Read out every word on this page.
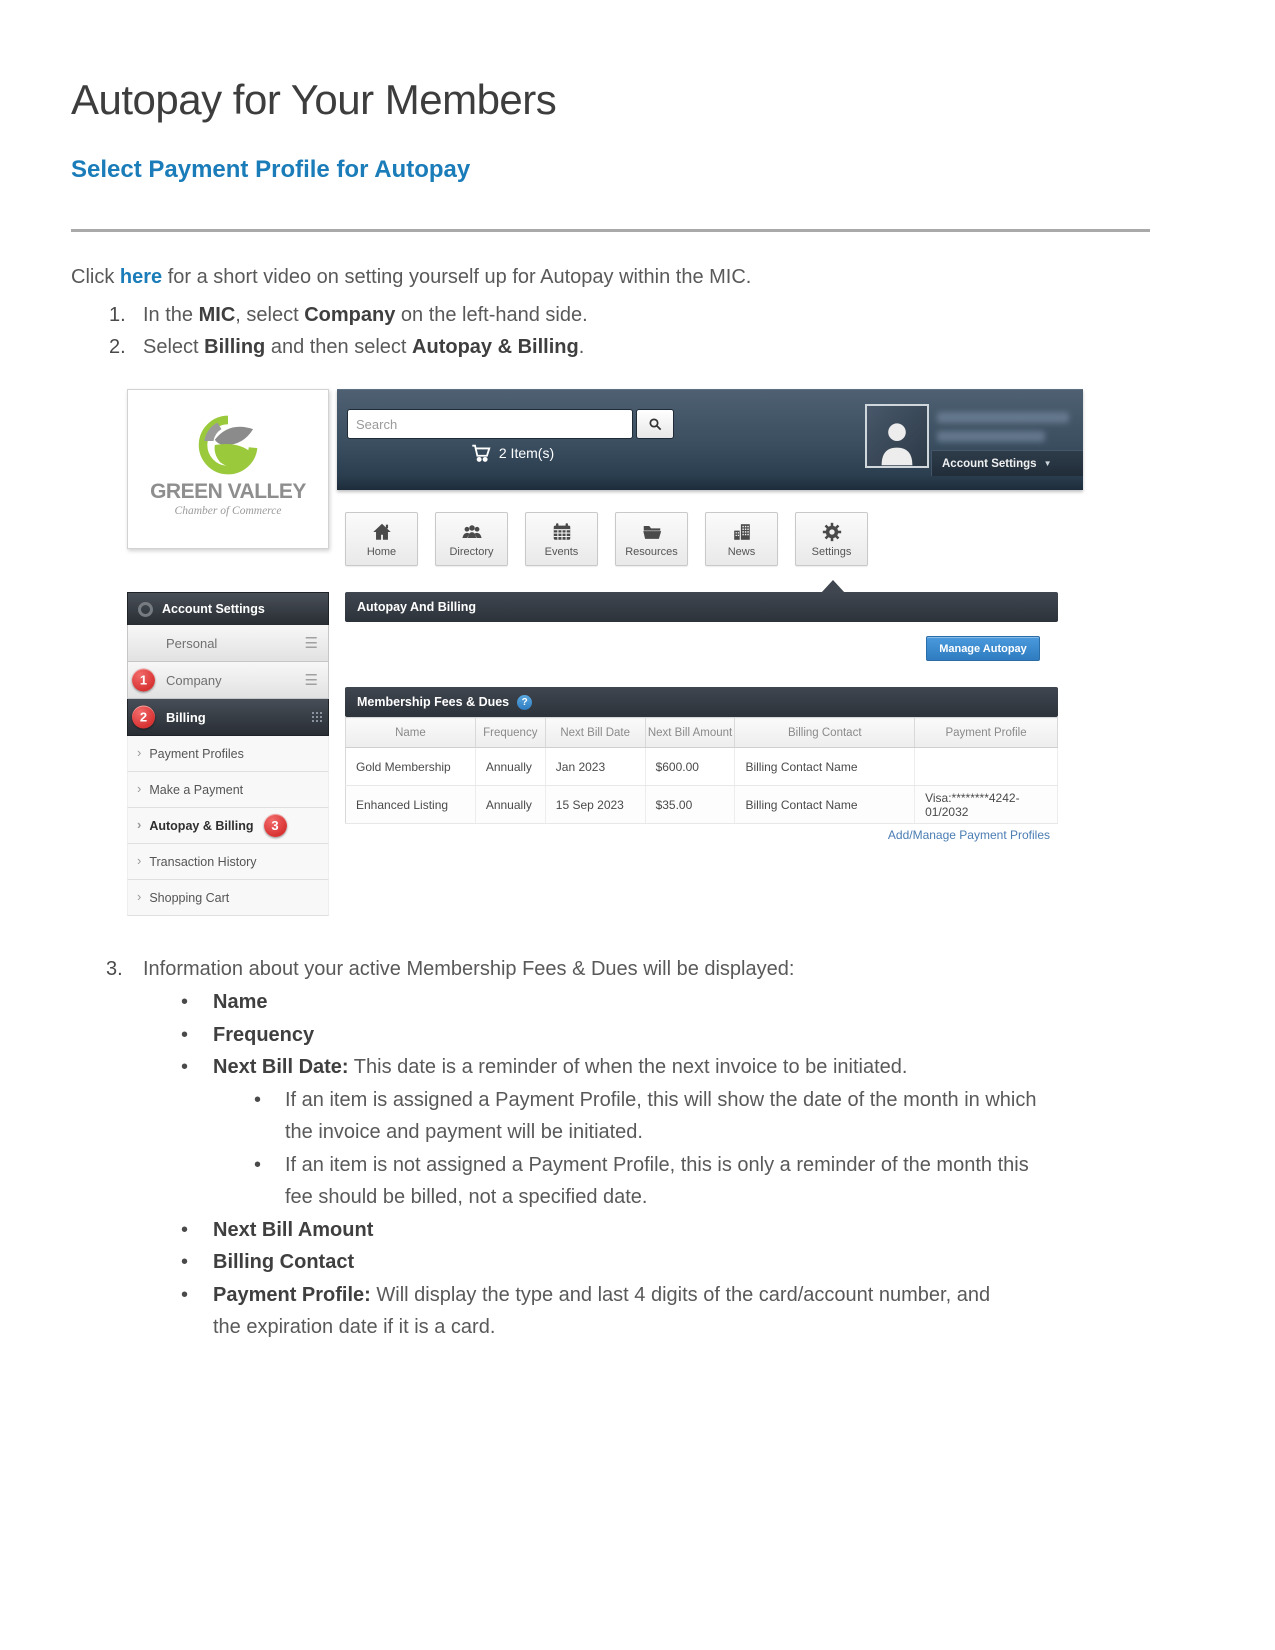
Autopay for Your Members
Select Payment Profile for Autopay

Click here for a short video on setting yourself up for Autopay within the MIC.

1. In the MIC, select Company on the left-hand side.
2. Select Billing and then select Autopay & Billing.
GREEN VALLEY
Chamber of Commerce
Search
2 Item(s)
Account Settings ▼
Home	Directory	Events	Resources	News	Settings
Account Settings
Personal	☰
1	Company	☰
2	Billing
› Payment Profiles
› Make a Payment
› Autopay & Billing	3
› Transaction History
› Shopping Cart
Autopay And Billing
Manage Autopay
Membership Fees & Dues	?
Name	Frequency	Next Bill Date	Next Bill Amount	Billing Contact	Payment Profile
Gold Membership	Annually	Jan 2023	$600.00	Billing Contact Name	
Enhanced Listing	Annually	15 Sep 2023	$35.00	Billing Contact Name	Visa:********4242-01/2032
Add/Manage Payment Profiles
3. Information about your active Membership Fees & Dues will be displayed:
• Name
• Frequency
• Next Bill Date: This date is a reminder of when the next invoice to be initiated.
• If an item is assigned a Payment Profile, this will show the date of the month in which the invoice and payment will be initiated.
• If an item is not assigned a Payment Profile, this is only a reminder of the month this fee should be billed, not a specified date.
• Next Bill Amount
• Billing Contact
• Payment Profile: Will display the type and last 4 digits of the card/account number, and the expiration date if it is a card.
